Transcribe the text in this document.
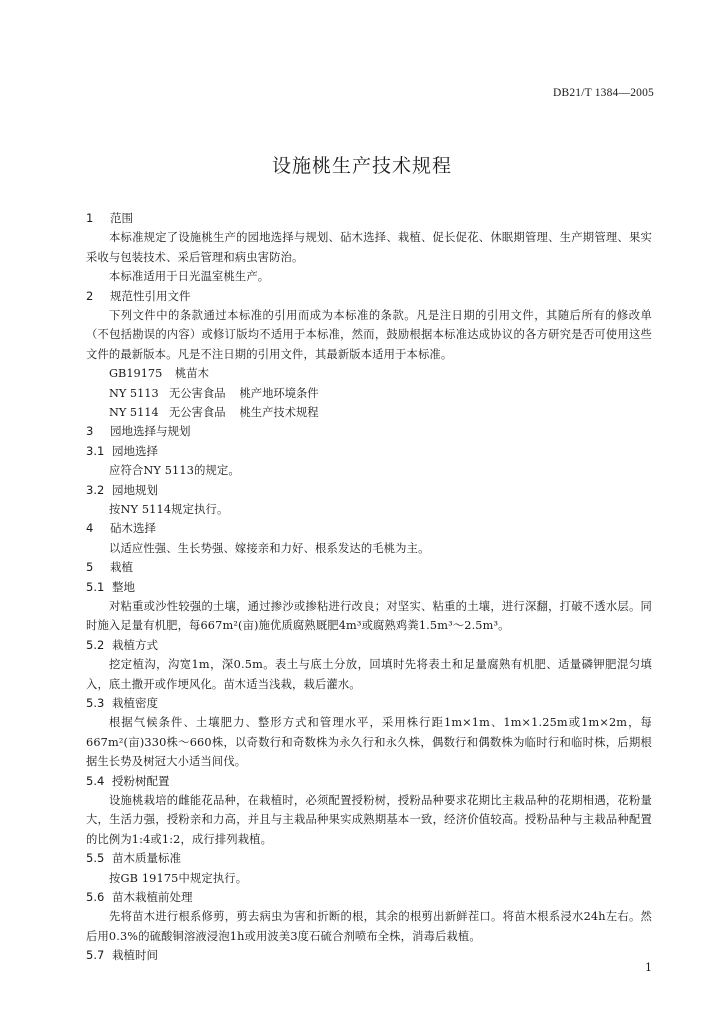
DB21/T 1384—2005
设施桃生产技术规程
1 范围
本标准规定了设施桃生产的园地选择与规划、砧木选择、栽植、促长促花、休眠期管理、生产期管理、果实采收与包装技术、采后管理和病虫害防治。
本标准适用于日光温室桃生产。
2 规范性引用文件
下列文件中的条款通过本标准的引用而成为本标准的条款。凡是注日期的引用文件，其随后所有的修改单（不包括勘误的内容）或修订版均不适用于本标准，然而，鼓励根据本标准达成协议的各方研究是否可使用这些文件的最新版本。凡是不注日期的引用文件，其最新版本适用于本标准。
GB19175 桃苗木
NY 5113 无公害食品 桃产地环境条件
NY 5114 无公害食品 桃生产技术规程
3 园地选择与规划
3.1 园地选择
应符合NY 5113的规定。
3.2 园地规划
按NY 5114规定执行。
4 砧木选择
以适应性强、生长势强、嫁接亲和力好、根系发达的毛桃为主。
5 栽植
5.1 整地
对粘重或沙性较强的土壤，通过掺沙或掺粘进行改良；对坚实、粘重的土壤，进行深翻，打破不透水层。同时施入足量有机肥，每667m²(亩)施优质腐熟厩肥4m³或腐熟鸡粪1.5m³～2.5m³。
5.2 栽植方式
挖定植沟，沟宽1m，深0.5m。表土与底土分放，回填时先将表土和足量腐熟有机肥、适量磷钾肥混匀填入，底土撒开或作埂风化。苗木适当浅栽，栽后灌水。
5.3 栽植密度
根据气候条件、土壤肥力、整形方式和管理水平，采用株行距1m×1m、1m×1.25m或1m×2m，每667m²(亩)330株～660株，以奇数行和奇数株为永久行和永久株，偶数行和偶数株为临时行和临时株，后期根据生长势及树冠大小适当间伐。
5.4 授粉树配置
设施桃栽培的雌能花品种，在栽植时，必须配置授粉树，授粉品种要求花期比主栽品种的花期相遇，花粉量大，生活力强，授粉亲和力高，并且与主栽品种果实成熟期基本一致，经济价值较高。授粉品种与主栽品种配置的比例为1:4或1:2，成行排列栽植。
5.5 苗木质量标准
按GB 19175中规定执行。
5.6 苗木栽植前处理
先将苗木进行根系修剪，剪去病虫为害和折断的根，其余的根剪出新鲜茬口。将苗木根系浸水24h左右。然后用0.3%的硫酸铜溶液浸泡1h或用波美3度石硫合剂喷布全株，消毒后栽植。
5.7 栽植时间
1
